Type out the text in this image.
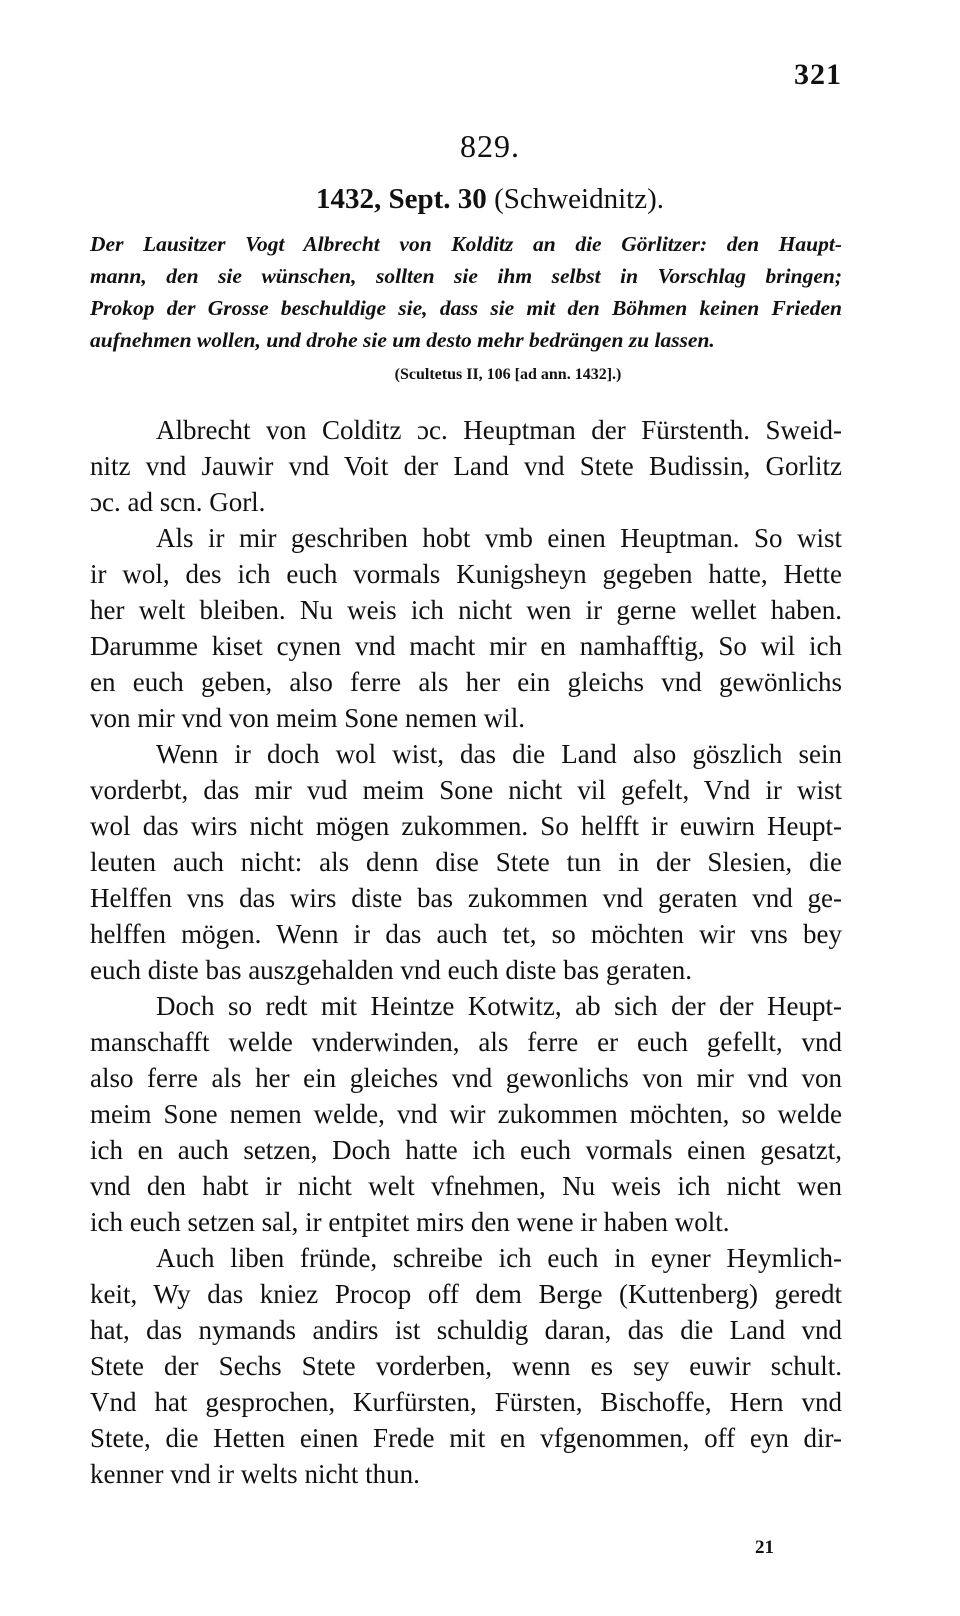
321
829.
1432, Sept. 30 (Schweidnitz).
Der Lausitzer Vogt Albrecht von Kolditz an die Görlitzer: den Haupt-
mann, den sie wünschen, sollten sie ihm selbst in Vorschlag bringen;
Prokop der Grosse beschuldige sie, dass sie mit den Böhmen keinen Frieden
aufnehmen wollen, und drohe sie um desto mehr bedrängen zu lassen.
(Scultetus II, 106 [ad ann. 1432].)
Albrecht von Colditz ɔc. Heuptman der Fürstenth. Sweid-
nitz vnd Jauwir vnd Voit der Land vnd Stete Budissin, Gorlitz
ɔc. ad scn. Gorl.
Als ir mir geschriben hobt vmb einen Heuptman. So wist
ir wol, des ich euch vormals Kunigsheyn gegeben hatte, Hette
her welt bleiben. Nu weis ich nicht wen ir gerne wellet haben.
Darumme kiset cynen vnd macht mir en namhafftig, So wil ich
en euch geben, also ferre als her ein gleichs vnd gewönlichs
von mir vnd von meim Sone nemen wil.
Wenn ir doch wol wist, das die Land also göszlich sein
vorderbt, das mir vud meim Sone nicht vil gefelt, Vnd ir wist
wol das wirs nicht mögen zukommen. So helfft ir euwirn Heupt-
leuten auch nicht: als denn dise Stete tun in der Slesien, die
Helffen vns das wirs diste bas zukommen vnd geraten vnd ge-
helffen mögen. Wenn ir das auch tet, so möchten wir vns bey
euch diste bas auszgehalden vnd euch diste bas geraten.
Doch so redt mit Heintze Kotwitz, ab sich der der Heupt-
manschafft welde vnderwinden, als ferre er euch gefellt, vnd
also ferre als her ein gleiches vnd gewonlichs von mir vnd von
meim Sone nemen welde, vnd wir zukommen möchten, so welde
ich en auch setzen, Doch hatte ich euch vormals einen gesatzt,
vnd den habt ir nicht welt vfnehmen, Nu weis ich nicht wen
ich euch setzen sal, ir entpitet mirs den wene ir haben wolt.
Auch liben fründe, schreibe ich euch in eyner Heymlich-
keit, Wy das kniez Procop off dem Berge (Kuttenberg) geredt
hat, das nymands andirs ist schuldig daran, das die Land vnd
Stete der Sechs Stete vorderben, wenn es sey euwir schult.
Vnd hat gesprochen, Kurfürsten, Fürsten, Bischoffe, Hern vnd
Stete, die Hetten einen Frede mit en vfgenommen, off eyn dir-
kenner vnd ir welts nicht thun.
21
